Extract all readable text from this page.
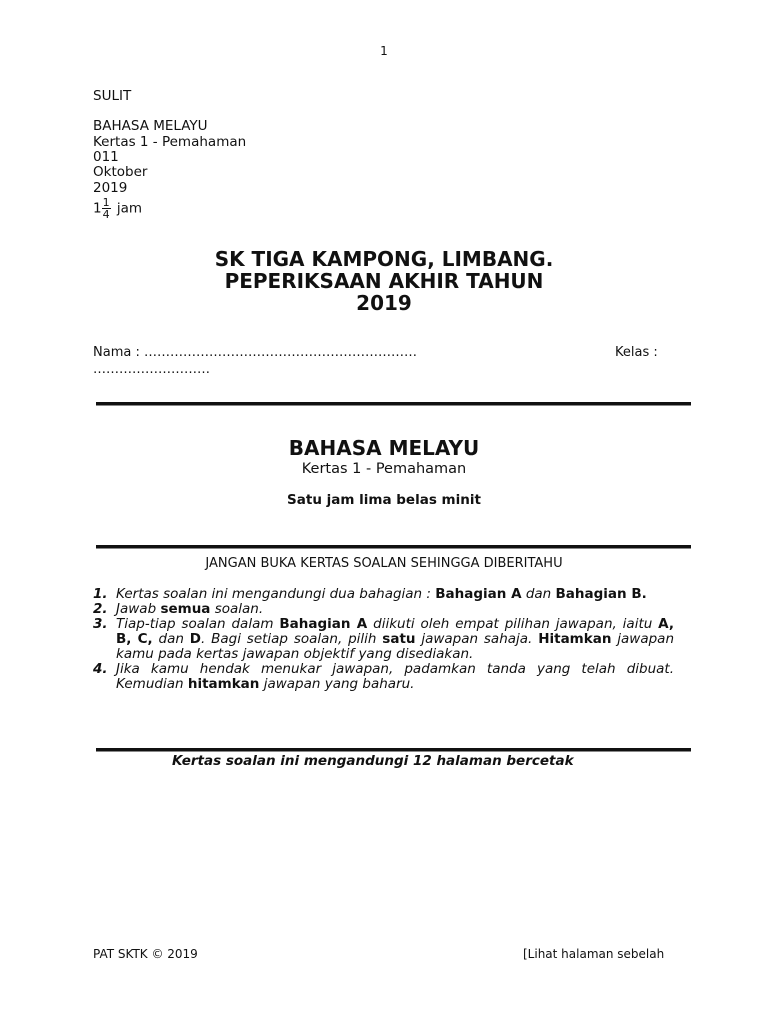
1
SULIT
BAHASA MELAYU
Kertas 1 - Pemahaman
011
Oktober
2019
$1 \frac{1}{4}$ jam
SK TIGA KAMPONG, LIMBANG.
PEPERIKSAAN AKHIR TAHUN
2019
Nama : ………………………………………………………	Kelas :
………………………
BAHASA MELAYU
Kertas 1 - Pemahaman
Satu jam lima belas minit
JANGAN BUKA KERTAS SOALAN SEHINGGA DIBERITAHU
1. Kertas soalan ini mengandungi dua bahagian : Bahagian A dan Bahagian B.
2. Jawab semua soalan.
3. Tiap-tiap soalan dalam Bahagian A diikuti oleh empat pilihan jawapan, iaitu A, B, C, dan D. Bagi setiap soalan, pilih satu jawapan sahaja. Hitamkan jawapan kamu pada kertas jawapan objektif yang disediakan.
4. Jika kamu hendak menukar jawapan, padamkan tanda yang telah dibuat. Kemudian hitamkan jawapan yang baharu.
Kertas soalan ini mengandungi 12 halaman bercetak
PAT SKTK © 2019	[Lihat halaman sebelah
